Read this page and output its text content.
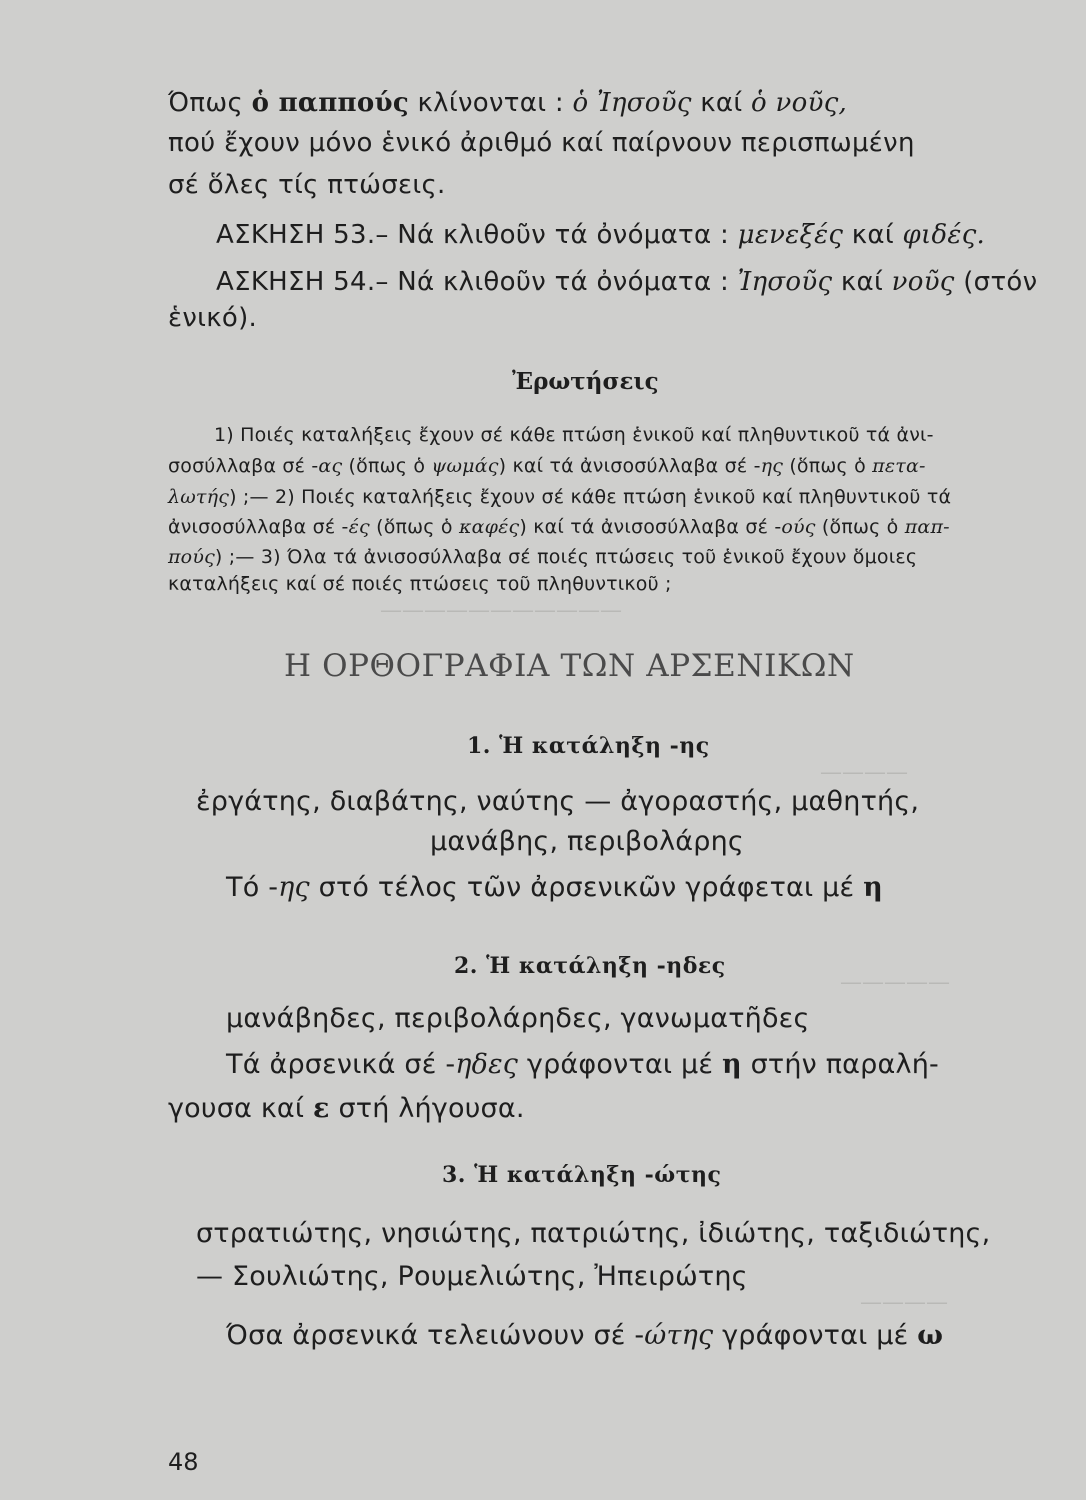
———————————
————
—————
————
Όπως ὁ παππούς κλίνονται : ὁ Ἰησοῦς καί ὁ νοῦς,
πού ἔχουν μόνο ἑνικό ἀριθμό καί παίρνουν περισπωμένη
σέ ὅλες τίς πτώσεις.
ΑΣΚΗΣΗ 53.– Νά κλιθοῦν τά ὀνόματα : μενεξές καί φιδές.
ΑΣΚΗΣΗ 54.– Νά κλιθοῦν τά ὀνόματα : Ἰησοῦς καί νοῦς (στόν
ἑνικό).
Ἐρωτήσεις
1) Ποιές καταλήξεις ἔχουν σέ κάθε πτώση ἑνικοῦ καί πληθυντικοῦ τά ἀνι-
σοσύλλαβα σέ -ας (ὅπως ὁ ψωμάς) καί τά ἀνισοσύλλαβα σέ -ης (ὅπως ὁ πετα-
λωτής) ;— 2) Ποιές καταλήξεις ἔχουν σέ κάθε πτώση ἑνικοῦ καί πληθυντικοῦ τά
ἀνισοσύλλαβα σέ -ές (ὅπως ὁ καφές) καί τά ἀνισοσύλλαβα σέ -ούς (ὅπως ὁ παπ-
πούς) ;— 3) Όλα τά ἀνισοσύλλαβα σέ ποιές πτώσεις τοῦ ἑνικοῦ ἔχουν ὅμοιες
καταλήξεις καί σέ ποιές πτώσεις τοῦ πληθυντικοῦ ;
Η ΟΡΘΟΓΡΑΦΙΑ ΤΩΝ ΑΡΣΕΝΙΚΩΝ
1. Ἡ κατάληξη -ης
ἐργάτης, διαβάτης, ναύτης — ἀγοραστής, μαθητής,
μανάβης, περιβολάρης
Τό -ης στό τέλος τῶν ἀρσενικῶν γράφεται μέ η
2. Ἡ κατάληξη -ηδες
μανάβηδες, περιβολάρηδες, γανωματῆδες
Τά ἀρσενικά σέ -ηδες γράφονται μέ η στήν παραλή-
γουσα καί ε στή λήγουσα.
3. Ἡ κατάληξη -ώτης
στρατιώτης, νησιώτης, πατριώτης, ἰδιώτης, ταξιδιώτης,
— Σουλιώτης, Ρουμελιώτης, Ἠπειρώτης
Όσα ἀρσενικά τελειώνουν σέ -ώτης γράφονται μέ ω
48
